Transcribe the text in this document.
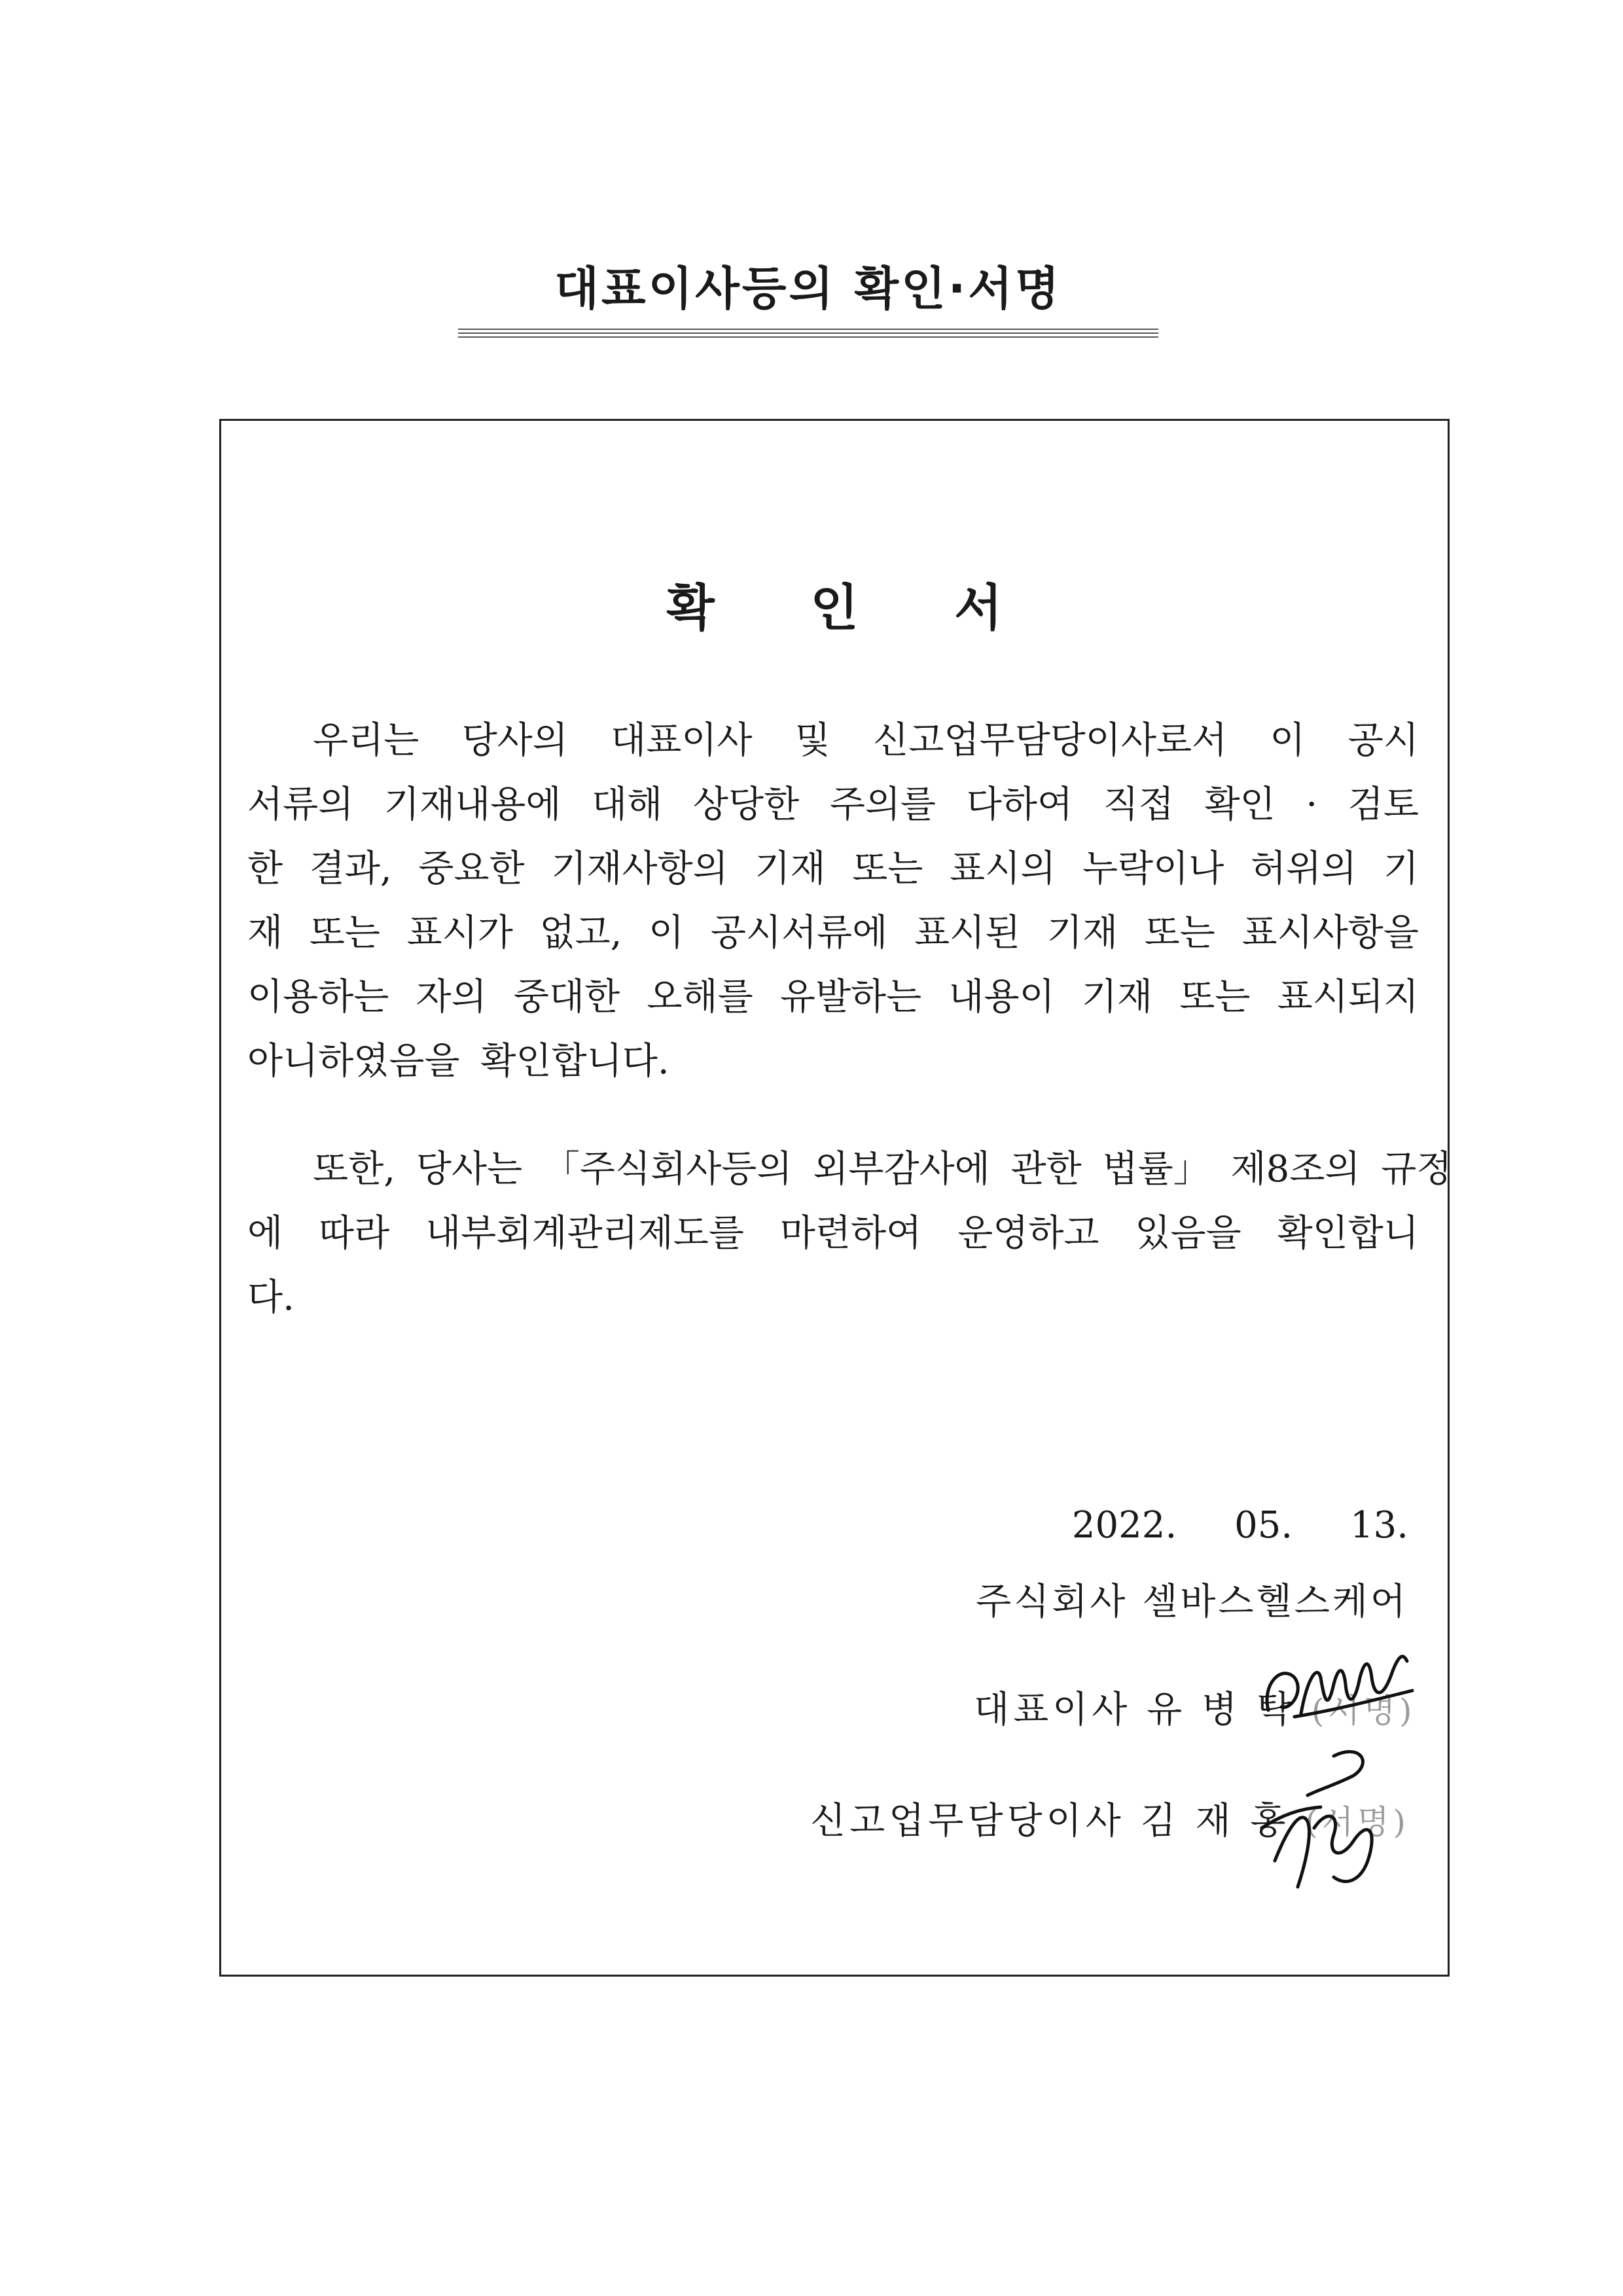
대표이사등의 확인·서명
확 인 서
우리는 당사의 대표이사 및 신고업무담당이사로서 이 공시
서류의 기재내용에 대해 상당한 주의를 다하여 직접 확인 · 검토
한 결과, 중요한 기재사항의 기재 또는 표시의 누락이나 허위의 기
재 또는 표시가 없고, 이 공시서류에 표시된 기재 또는 표시사항을
이용하는 자의 중대한 오해를 유발하는 내용이 기재 또는 표시되지
아니하였음을 확인합니다.
또한, 당사는 「주식회사등의 외부감사에 관한 법률」 제8조의 규정
에 따라 내부회계관리제도를 마련하여 운영하고 있음을 확인합니
다.
2022. 05. 13.
주식회사 셀바스헬스케어
대표이사 유 병 탁 (서명)
신고업무담당이사 김 재 홍 (서명)
